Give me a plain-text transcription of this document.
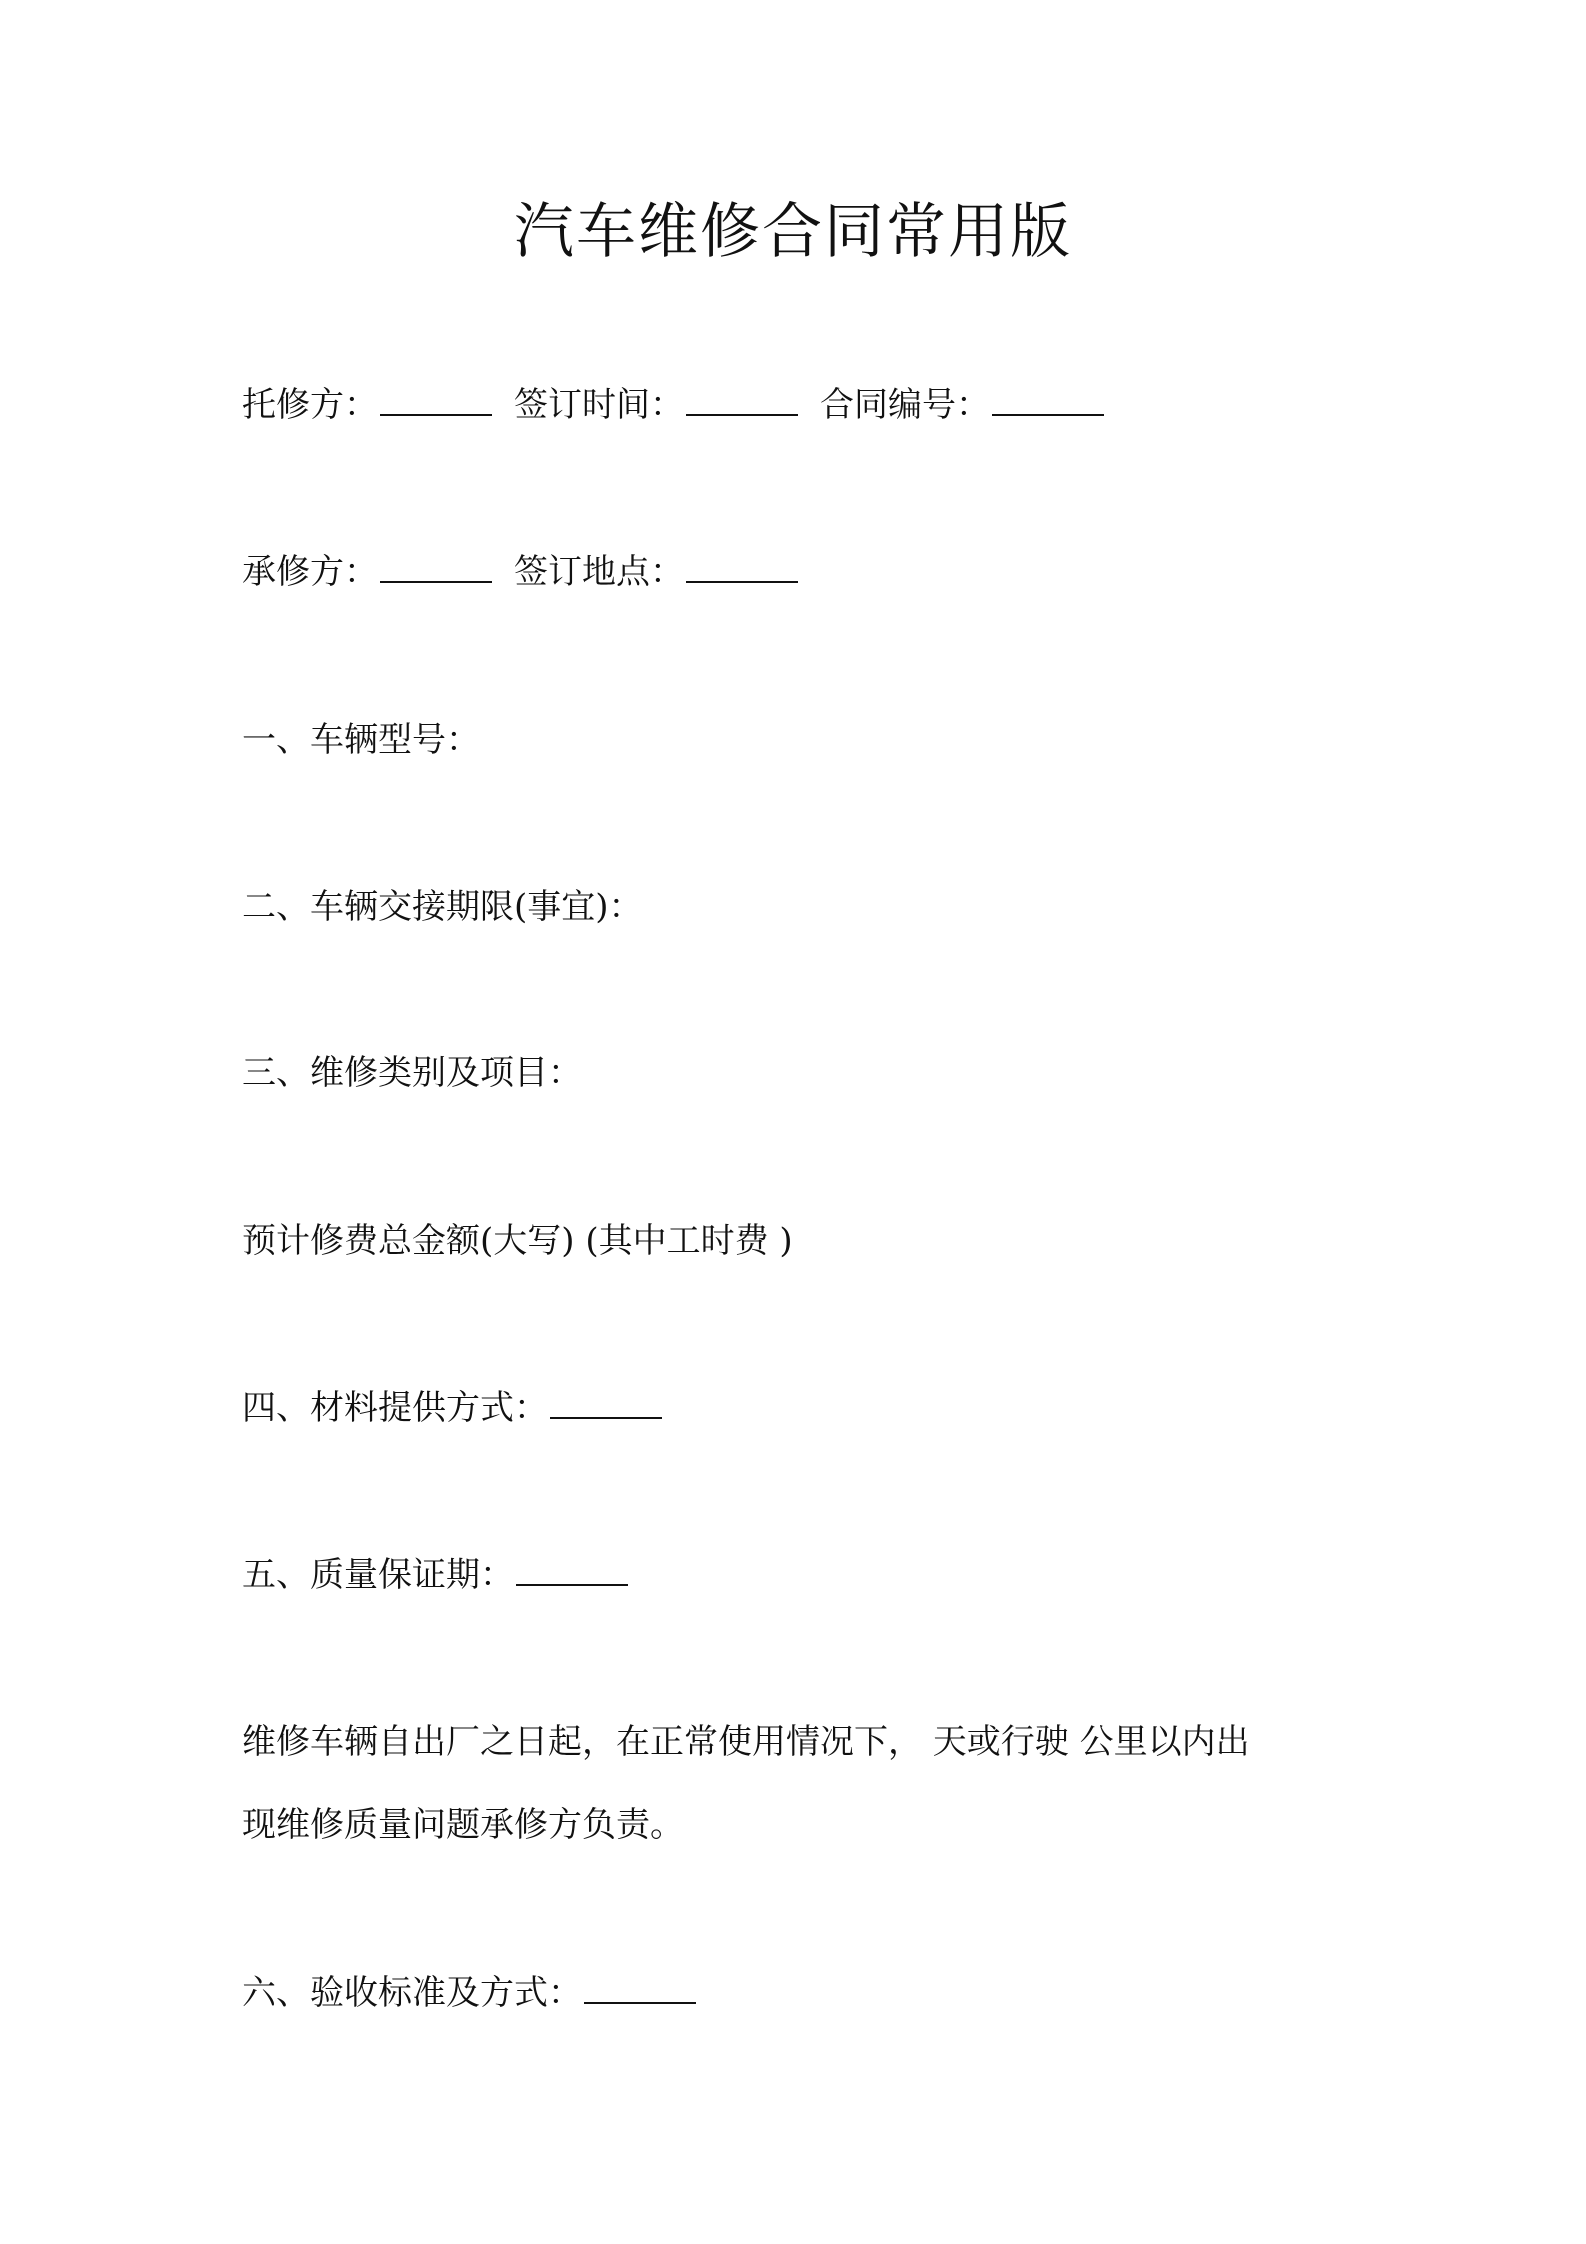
汽车维修合同常用版
托修方：	签订时间：	合同编号：
承修方：	签订地点：
一、车辆型号：
二、车辆交接期限(事宜)：
三、维修类别及项目：
预计修费总金额(大写) (其中工时费 )
四、材料提供方式：
五、质量保证期：
维修车辆自出厂之日起，在正常使用情况下， 天或行驶 公里以内出
现维修质量问题承修方负责。
六、验收标准及方式：
